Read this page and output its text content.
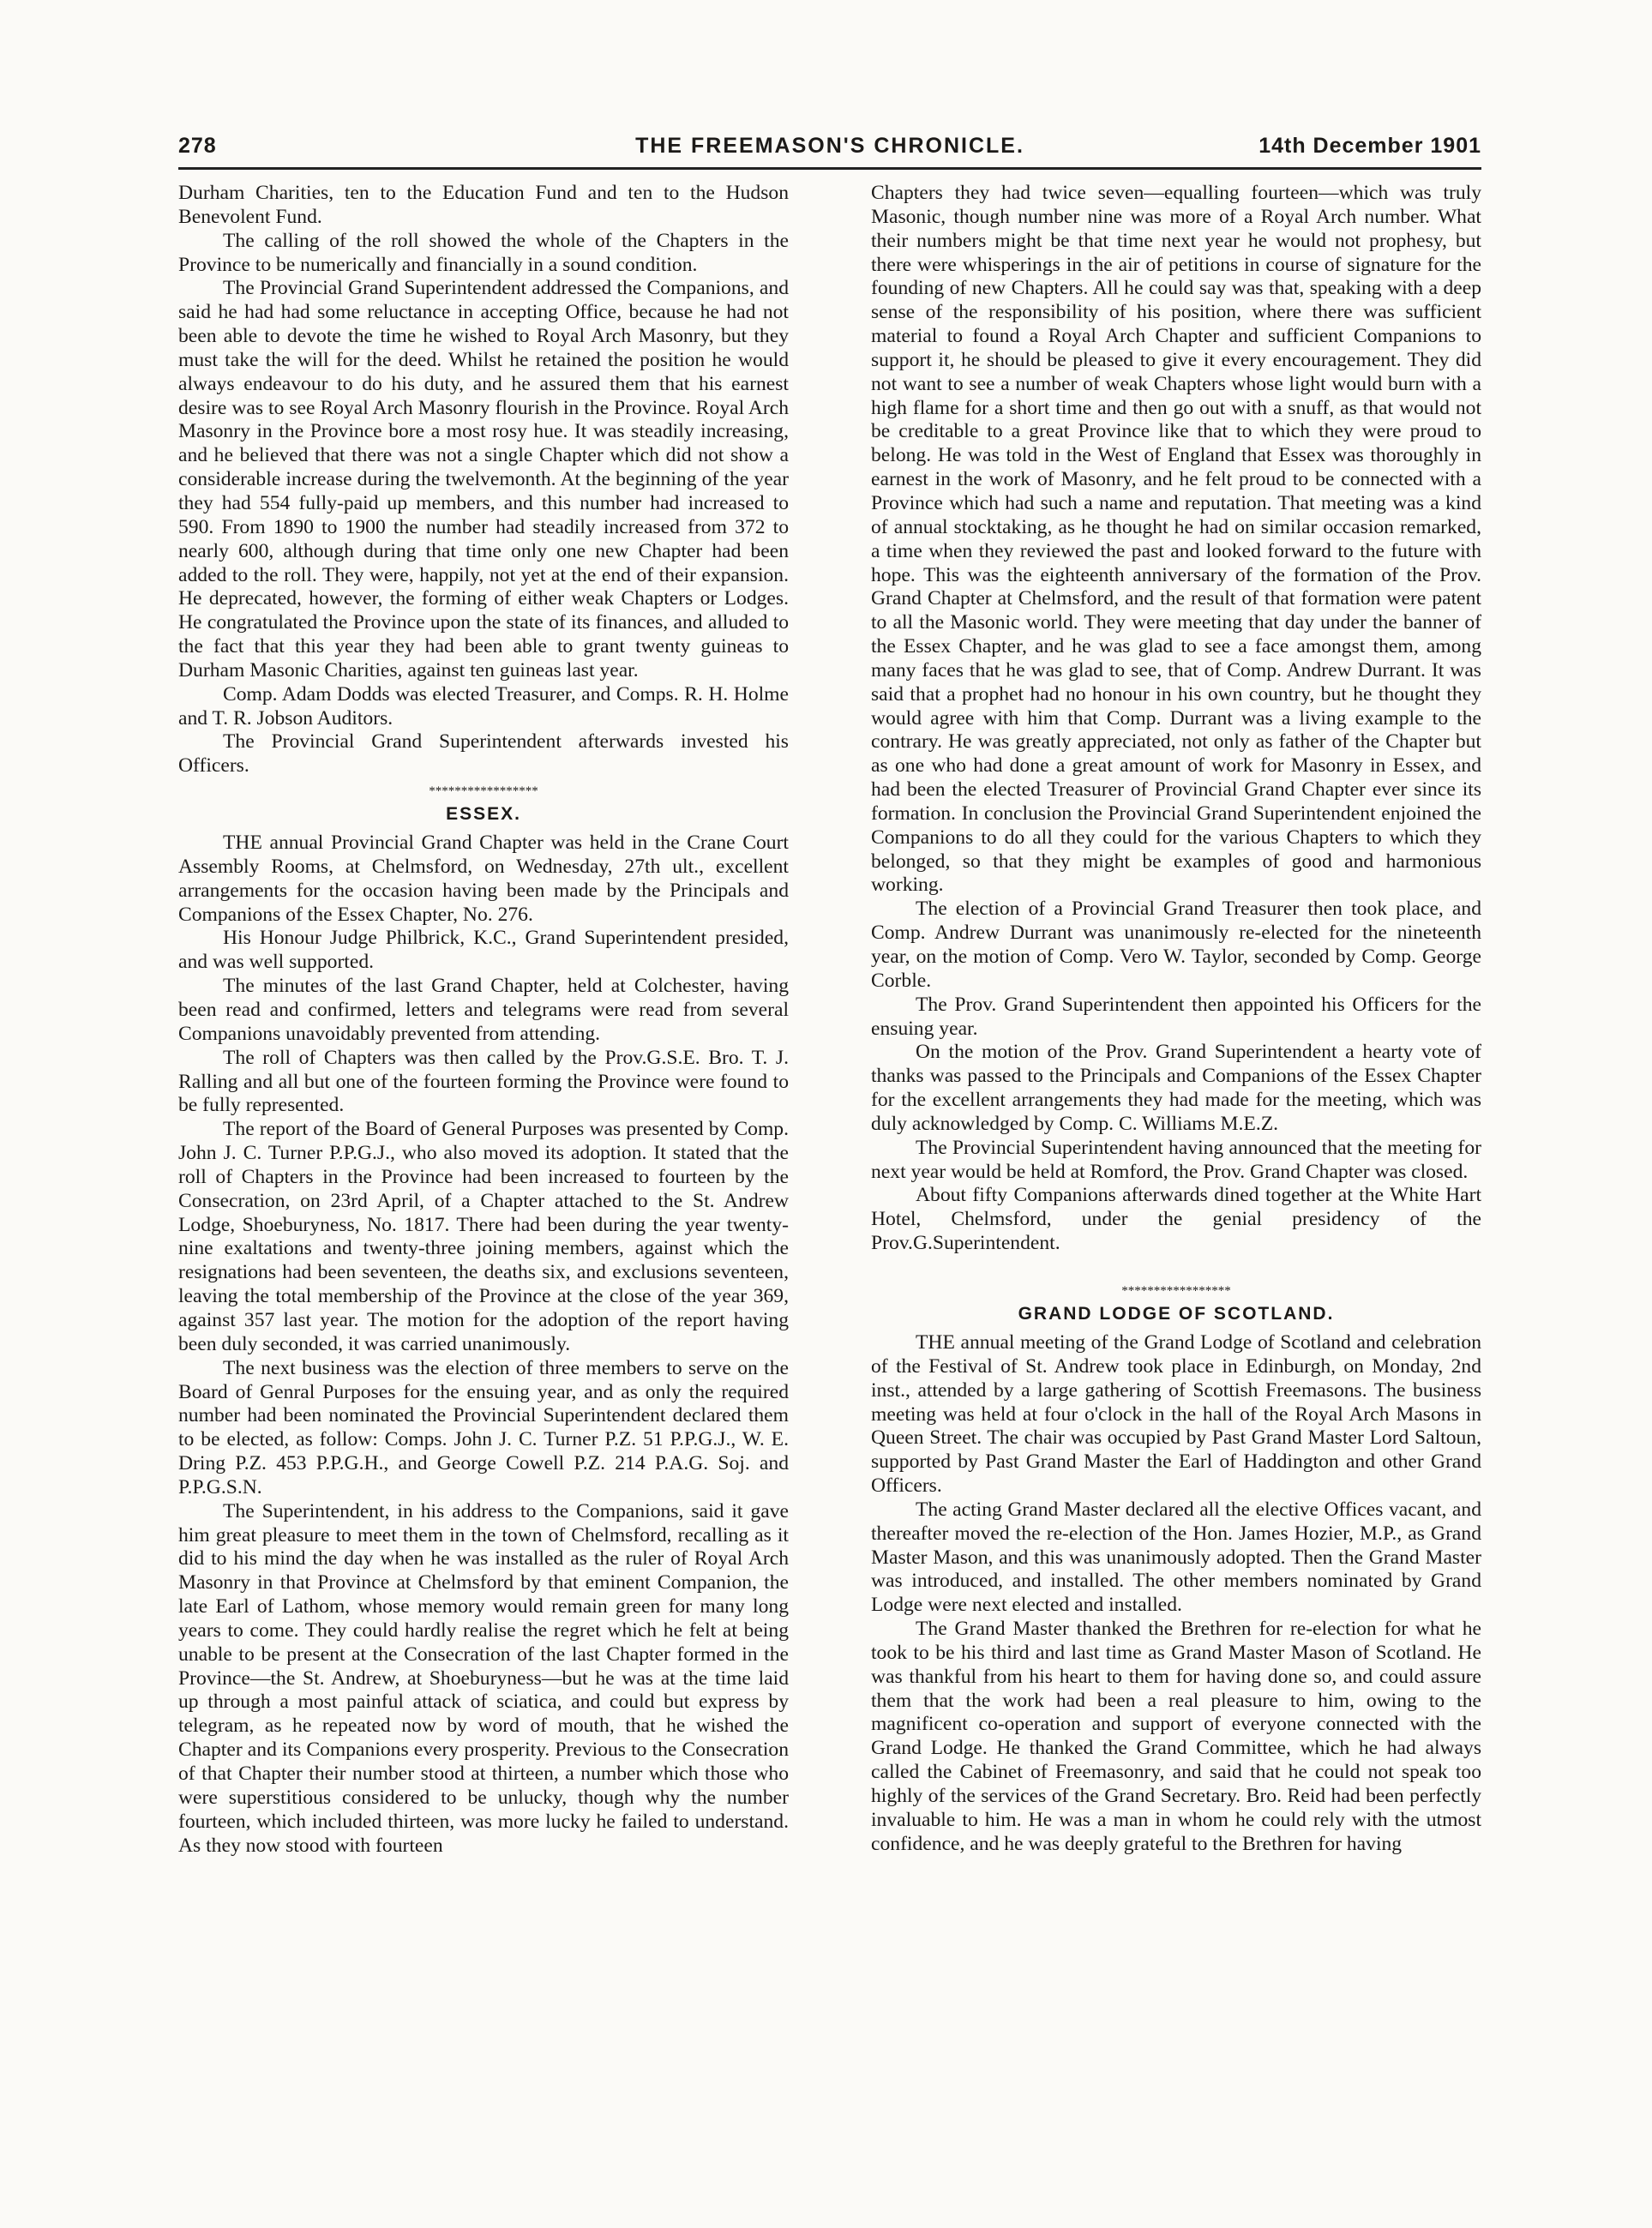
278	THE FREEMASON'S CHRONICLE.	14th December 1901

Durham Charities, ten to the Education Fund and ten to the Hudson Benevolent Fund.

The calling of the roll showed the whole of the Chapters in the Province to be numerically and financially in a sound condition.

The Provincial Grand Superintendent addressed the Companions, and said he had had some reluctance in accepting Office, because he had not been able to devote the time he wished to Royal Arch Masonry, but they must take the will for the deed. Whilst he retained the position he would always endeavour to do his duty, and he assured them that his earnest desire was to see Royal Arch Masonry flourish in the Province. Royal Arch Masonry in the Province bore a most rosy hue. It was steadily increasing, and he believed that there was not a single Chapter which did not show a considerable increase during the twelvemonth. At the beginning of the year they had 554 fully-paid up members, and this number had increased to 590. From 1890 to 1900 the number had steadily increased from 372 to nearly 600, although during that time only one new Chapter had been added to the roll. They were, happily, not yet at the end of their expansion. He deprecated, however, the forming of either weak Chapters or Lodges. He congratulated the Province upon the state of its finances, and alluded to the fact that this year they had been able to grant twenty guineas to Durham Masonic Charities, against ten guineas last year.

Comp. Adam Dodds was elected Treasurer, and Comps. R. H. Holme and T. R. Jobson Auditors.

The Provincial Grand Superintendent afterwards invested his Officers.

*****************
ESSEX.

THE annual Provincial Grand Chapter was held in the Crane Court Assembly Rooms, at Chelmsford, on Wednesday, 27th ult., excellent arrangements for the occasion having been made by the Principals and Companions of the Essex Chapter, No. 276.

His Honour Judge Philbrick, K.C., Grand Superintendent presided, and was well supported.

The minutes of the last Grand Chapter, held at Colchester, having been read and confirmed, letters and telegrams were read from several Companions unavoidably prevented from attending.

The roll of Chapters was then called by the Prov.G.S.E. Bro. T. J. Ralling and all but one of the fourteen forming the Province were found to be fully represented.

The report of the Board of General Purposes was presented by Comp. John J. C. Turner P.P.G.J., who also moved its adoption. It stated that the roll of Chapters in the Province had been increased to fourteen by the Consecration, on 23rd April, of a Chapter attached to the St. Andrew Lodge, Shoeburyness, No. 1817. There had been during the year twenty-nine exaltations and twenty-three joining members, against which the resignations had been seventeen, the deaths six, and exclusions seventeen, leaving the total membership of the Province at the close of the year 369, against 357 last year. The motion for the adoption of the report having been duly seconded, it was carried unanimously.

The next business was the election of three members to serve on the Board of Genral Purposes for the ensuing year, and as only the required number had been nominated the Provincial Superintendent declared them to be elected, as follow: Comps. John J. C. Turner P.Z. 51 P.P.G.J., W. E. Dring P.Z. 453 P.P.G.H., and George Cowell P.Z. 214 P.A.G. Soj. and P.P.G.S.N.

The Superintendent, in his address to the Companions, said it gave him great pleasure to meet them in the town of Chelmsford, recalling as it did to his mind the day when he was installed as the ruler of Royal Arch Masonry in that Province at Chelmsford by that eminent Companion, the late Earl of Lathom, whose memory would remain green for many long years to come. They could hardly realise the regret which he felt at being unable to be present at the Consecration of the last Chapter formed in the Province—the St. Andrew, at Shoeburyness—but he was at the time laid up through a most painful attack of sciatica, and could but express by telegram, as he repeated now by word of mouth, that he wished the Chapter and its Companions every prosperity. Previous to the Consecration of that Chapter their number stood at thirteen, a number which those who were superstitious considered to be unlucky, though why the number fourteen, which included thirteen, was more lucky he failed to understand. As they now stood with fourteen

Chapters they had twice seven—equalling fourteen—which was truly Masonic, though number nine was more of a Royal Arch number. What their numbers might be that time next year he would not prophesy, but there were whisperings in the air of petitions in course of signature for the founding of new Chapters. All he could say was that, speaking with a deep sense of the responsibility of his position, where there was sufficient material to found a Royal Arch Chapter and sufficient Companions to support it, he should be pleased to give it every encouragement. They did not want to see a number of weak Chapters whose light would burn with a high flame for a short time and then go out with a snuff, as that would not be creditable to a great Province like that to which they were proud to belong. He was told in the West of England that Essex was thoroughly in earnest in the work of Masonry, and he felt proud to be connected with a Province which had such a name and reputation. That meeting was a kind of annual stocktaking, as he thought he had on similar occasion remarked, a time when they reviewed the past and looked forward to the future with hope. This was the eighteenth anniversary of the formation of the Prov. Grand Chapter at Chelmsford, and the result of that formation were patent to all the Masonic world. They were meeting that day under the banner of the Essex Chapter, and he was glad to see a face amongst them, among many faces that he was glad to see, that of Comp. Andrew Durrant. It was said that a prophet had no honour in his own country, but he thought they would agree with him that Comp. Durrant was a living example to the contrary. He was greatly appreciated, not only as father of the Chapter but as one who had done a great amount of work for Masonry in Essex, and had been the elected Treasurer of Provincial Grand Chapter ever since its formation. In conclusion the Provincial Grand Superintendent enjoined the Companions to do all they could for the various Chapters to which they belonged, so that they might be examples of good and harmonious working.

The election of a Provincial Grand Treasurer then took place, and Comp. Andrew Durrant was unanimously re-elected for the nineteenth year, on the motion of Comp. Vero W. Taylor, seconded by Comp. George Corble.

The Prov. Grand Superintendent then appointed his Officers for the ensuing year.

On the motion of the Prov. Grand Superintendent a hearty vote of thanks was passed to the Principals and Companions of the Essex Chapter for the excellent arrangements they had made for the meeting, which was duly acknowledged by Comp. C. Williams M.E.Z.

The Provincial Superintendent having announced that the meeting for next year would be held at Romford, the Prov. Grand Chapter was closed.

About fifty Companions afterwards dined together at the White Hart Hotel, Chelmsford, under the genial presidency of the Prov.G.Superintendent.

*****************
GRAND LODGE OF SCOTLAND.

THE annual meeting of the Grand Lodge of Scotland and celebration of the Festival of St. Andrew took place in Edinburgh, on Monday, 2nd inst., attended by a large gathering of Scottish Freemasons. The business meeting was held at four o'clock in the hall of the Royal Arch Masons in Queen Street. The chair was occupied by Past Grand Master Lord Saltoun, supported by Past Grand Master the Earl of Haddington and other Grand Officers.

The acting Grand Master declared all the elective Offices vacant, and thereafter moved the re-election of the Hon. James Hozier, M.P., as Grand Master Mason, and this was unanimously adopted. Then the Grand Master was introduced, and installed. The other members nominated by Grand Lodge were next elected and installed.

The Grand Master thanked the Brethren for re-election for what he took to be his third and last time as Grand Master Mason of Scotland. He was thankful from his heart to them for having done so, and could assure them that the work had been a real pleasure to him, owing to the magnificent co-operation and support of everyone connected with the Grand Lodge. He thanked the Grand Committee, which he had always called the Cabinet of Freemasonry, and said that he could not speak too highly of the services of the Grand Secretary. Bro. Reid had been perfectly invaluable to him. He was a man in whom he could rely with the utmost confidence, and he was deeply grateful to the Brethren for having
